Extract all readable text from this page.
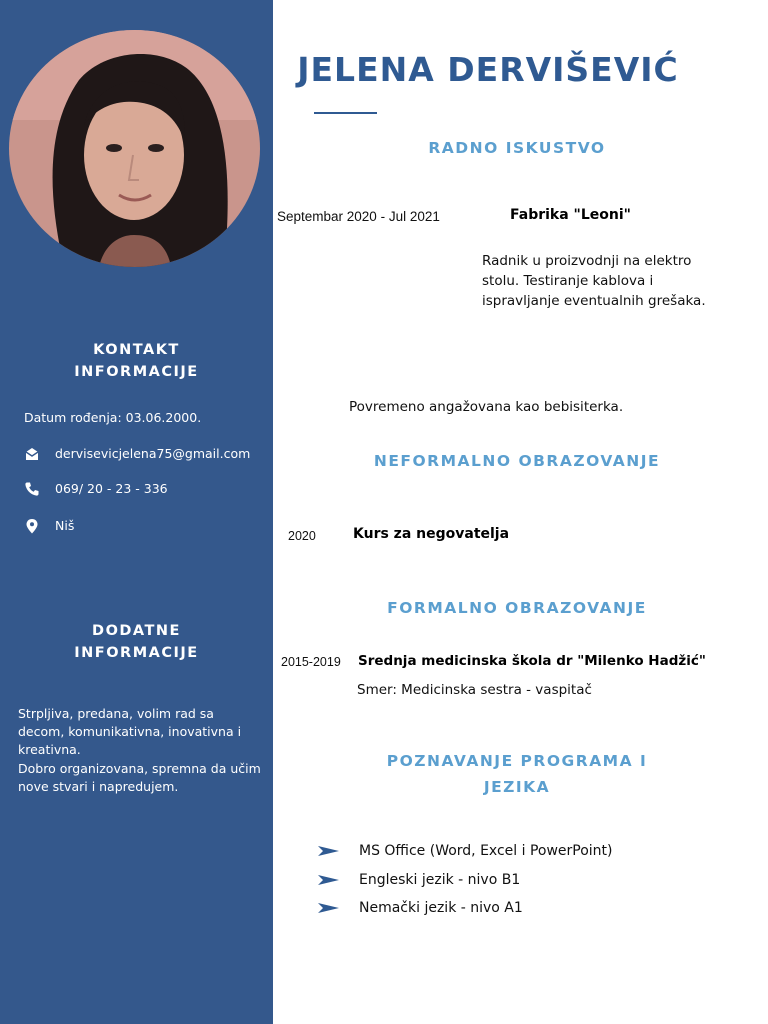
KONTAKT
INFORMACIJE
Datum rođenja: 03.06.2000.
dervisevicjelena75@gmail.com
069/ 20 - 23 - 336
Niš
DODATNE
INFORMACIJE
Strpljiva, predana, volim rad sa decom, komunikativna, inovativna i kreativna.
Dobro organizovana, spremna da učim nove stvari i napredujem.
JELENA DERVIŠEVIĆ
RADNO ISKUSTVO
Septembar 2020 - Jul 2021	Fabrika "Leoni"
Radnik u proizvodnji na elektro stolu. Testiranje kablova i ispravljanje eventualnih grešaka.
Povremeno angažovana kao bebisiterka.
NEFORMALNO OBRAZOVANJE
2020	Kurs za negovatelja
FORMALNO OBRAZOVANJE
2015-2019 Srednja medicinska škola dr "Milenko Hadžić"
Smer: Medicinska sestra - vaspitač
POZNAVANJE PROGRAMA I
JEZIKA
MS Office (Word, Excel i PowerPoint)
Engleski jezik - nivo B1
Nemački jezik - nivo A1
